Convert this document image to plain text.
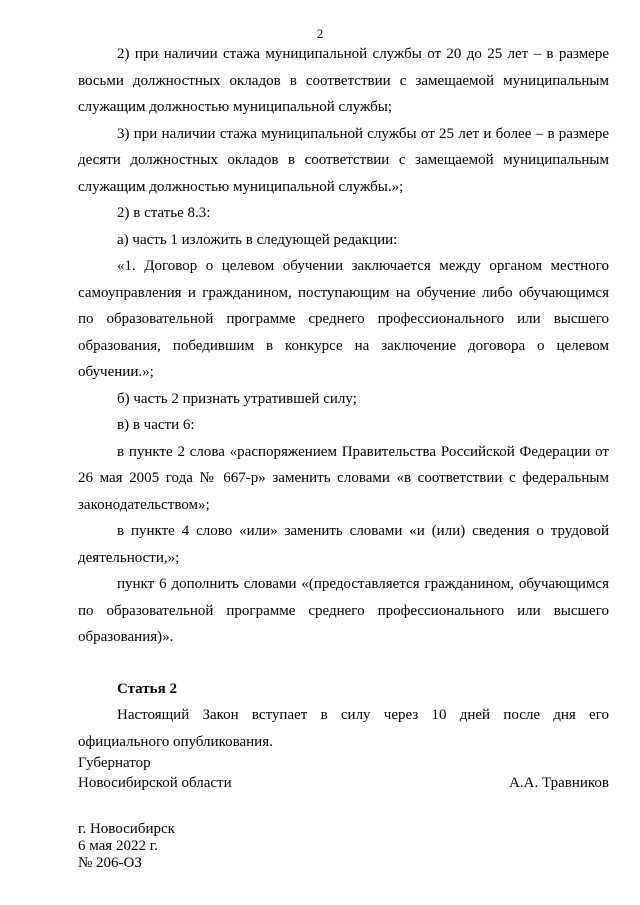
2

2) при наличии стажа муниципальной службы от 20 до 25 лет – в размере восьми должностных окладов в соответствии с замещаемой муниципальным служащим должностью муниципальной службы;

3) при наличии стажа муниципальной службы от 25 лет и более – в размере десяти должностных окладов в соответствии с замещаемой муниципальным служащим должностью муниципальной службы.»;

2) в статье 8.3:

а) часть 1 изложить в следующей редакции:

«1. Договор о целевом обучении заключается между органом местного самоуправления и гражданином, поступающим на обучение либо обучающимся по образовательной программе среднего профессионального или высшего образования, победившим в конкурсе на заключение договора о целевом обучении.»;

б) часть 2 признать утратившей силу;

в) в части 6:

в пункте 2 слова «распоряжением Правительства Российской Федерации от 26 мая 2005 года № 667-р» заменить словами «в соответствии с федеральным законодательством»;

в пункте 4 слово «или» заменить словами «и (или) сведения о трудовой деятельности,»;

пункт 6 дополнить словами «(предоставляется гражданином, обучающимся по образовательной программе среднего профессионального или высшего образования)».

Статья 2

Настоящий Закон вступает в силу через 10 дней после дня его официального опубликования.

Губернатор
Новосибирской области	А.А. Травников
г. Новосибирск
6 мая 2022 г.
№ 206-ОЗ
